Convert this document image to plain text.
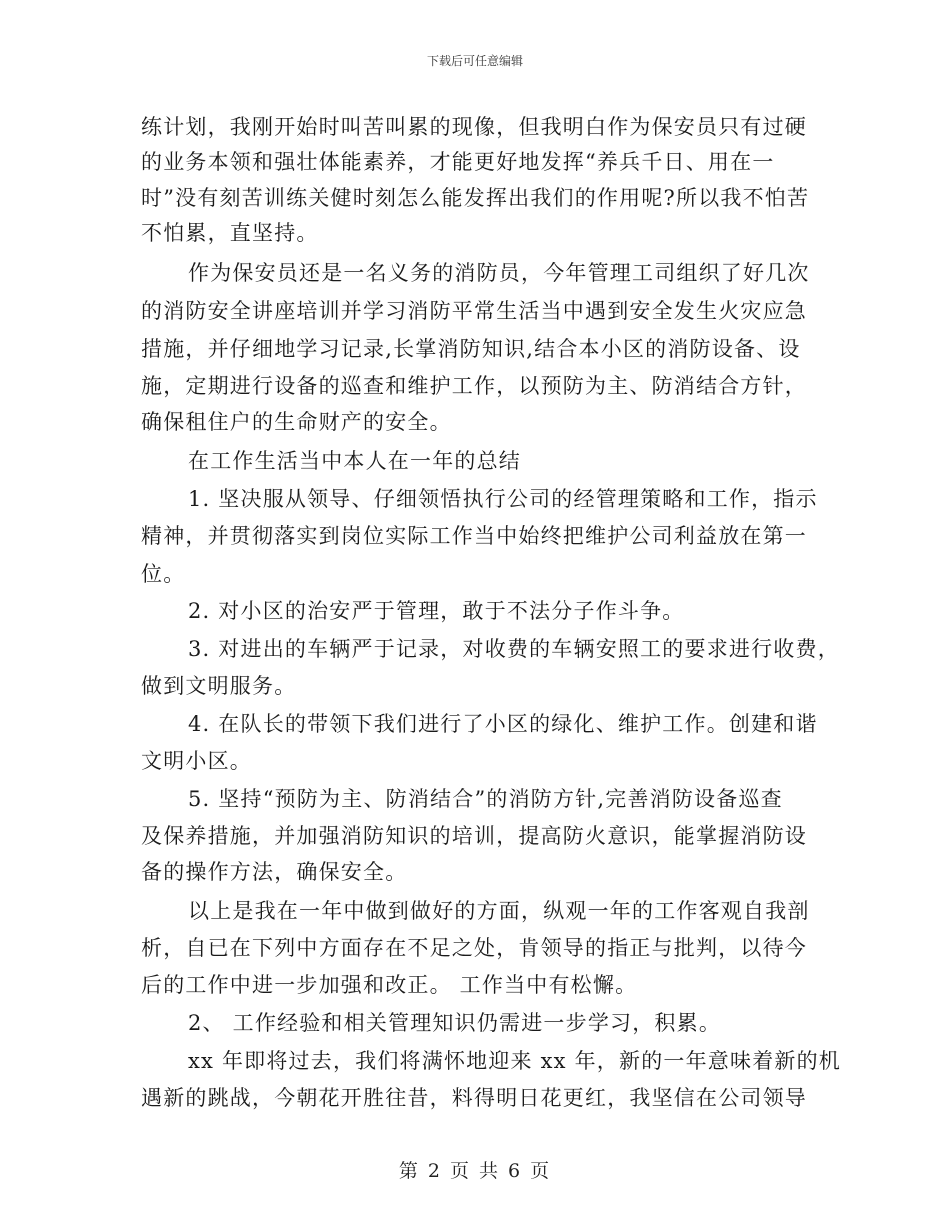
下载后可任意编辑
练计划，我刚开始时叫苦叫累的现像，但我明白作为保安员只有过硬
的业务本领和强壮体能素养，才能更好地发挥“养兵千日、用在一
时”没有刻苦训练关健时刻怎么能发挥出我们的作用呢?所以我不怕苦
不怕累，直坚持。
作为保安员还是一名义务的消防员，今年管理工司组织了好几次
的消防安全讲座培训并学习消防平常生活当中遇到安全发生火灾应急
措施，并仔细地学习记录,长掌消防知识,结合本小区的消防设备、设
施，定期进行设备的巡查和维护工作，以预防为主、防消结合方针，
确保租住户的生命财产的安全。
在工作生活当中本人在一年的总结
1. 坚决服从领导、仔细领悟执行公司的经管理策略和工作，指示
精神，并贯彻落实到岗位实际工作当中始终把维护公司利益放在第一
位。
2. 对小区的治安严于管理，敢于不法分子作斗争。
3. 对进出的车辆严于记录，对收费的车辆安照工的要求进行收费，
做到文明服务。
4. 在队长的带领下我们进行了小区的绿化、维护工作。创建和谐
文明小区。
5. 坚持“预防为主、防消结合”的消防方针,完善消防设备巡查
及保养措施，并加强消防知识的培训，提高防火意识，能掌握消防设
备的操作方法，确保安全。
以上是我在一年中做到做好的方面，纵观一年的工作客观自我剖
析，自已在下列中方面存在不足之处，肯领导的指正与批判，以待今
后的工作中进一步加强和改正。 工作当中有松懈。
2、 工作经验和相关管理知识仍需进一步学习，积累。
xx 年即将过去，我们将满怀地迎来 xx 年，新的一年意味着新的机
遇新的跳战，今朝花开胜往昔，料得明日花更红，我坚信在公司领导
第 2 页 共 6 页
